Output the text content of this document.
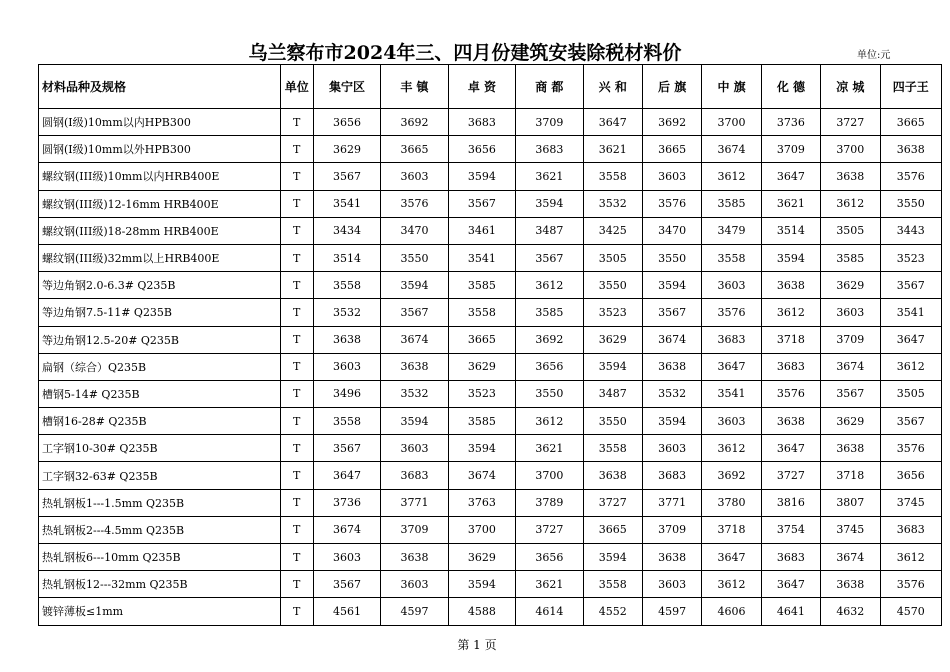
乌兰察布市2024年三、四月份建筑安装除税材料价	单位:元
材料品种及规格	单位	集宁区	丰 镇	卓 资	商 都	兴 和	后 旗	中 旗	化 德	凉 城	四子王
圆钢(Ⅰ级)10mm以内HPB300	T	3656	3692	3683	3709	3647	3692	3700	3736	3727	3665
圆钢(Ⅰ级)10mm以外HPB300	T	3629	3665	3656	3683	3621	3665	3674	3709	3700	3638
螺纹钢(III级)10mm以内HRB400E	T	3567	3603	3594	3621	3558	3603	3612	3647	3638	3576
螺纹钢(III级)12-16mm HRB400E	T	3541	3576	3567	3594	3532	3576	3585	3621	3612	3550
螺纹钢(III级)18-28mm HRB400E	T	3434	3470	3461	3487	3425	3470	3479	3514	3505	3443
螺纹钢(III级)32mm以上HRB400E	T	3514	3550	3541	3567	3505	3550	3558	3594	3585	3523
等边角钢2.0-6.3# Q235B	T	3558	3594	3585	3612	3550	3594	3603	3638	3629	3567
等边角钢7.5-11# Q235B	T	3532	3567	3558	3585	3523	3567	3576	3612	3603	3541
等边角钢12.5-20# Q235B	T	3638	3674	3665	3692	3629	3674	3683	3718	3709	3647
扁钢（综合）Q235B	T	3603	3638	3629	3656	3594	3638	3647	3683	3674	3612
槽钢5-14# Q235B	T	3496	3532	3523	3550	3487	3532	3541	3576	3567	3505
槽钢16-28# Q235B	T	3558	3594	3585	3612	3550	3594	3603	3638	3629	3567
工字钢10-30# Q235B	T	3567	3603	3594	3621	3558	3603	3612	3647	3638	3576
工字钢32-63# Q235B	T	3647	3683	3674	3700	3638	3683	3692	3727	3718	3656
热轧钢板1---1.5mm Q235B	T	3736	3771	3763	3789	3727	3771	3780	3816	3807	3745
热轧钢板2---4.5mm Q235B	T	3674	3709	3700	3727	3665	3709	3718	3754	3745	3683
热轧钢板6---10mm Q235B	T	3603	3638	3629	3656	3594	3638	3647	3683	3674	3612
热轧钢板12---32mm Q235B	T	3567	3603	3594	3621	3558	3603	3612	3647	3638	3576
镀锌薄板≤1mm	T	4561	4597	4588	4614	4552	4597	4606	4641	4632	4570
第 1 页
